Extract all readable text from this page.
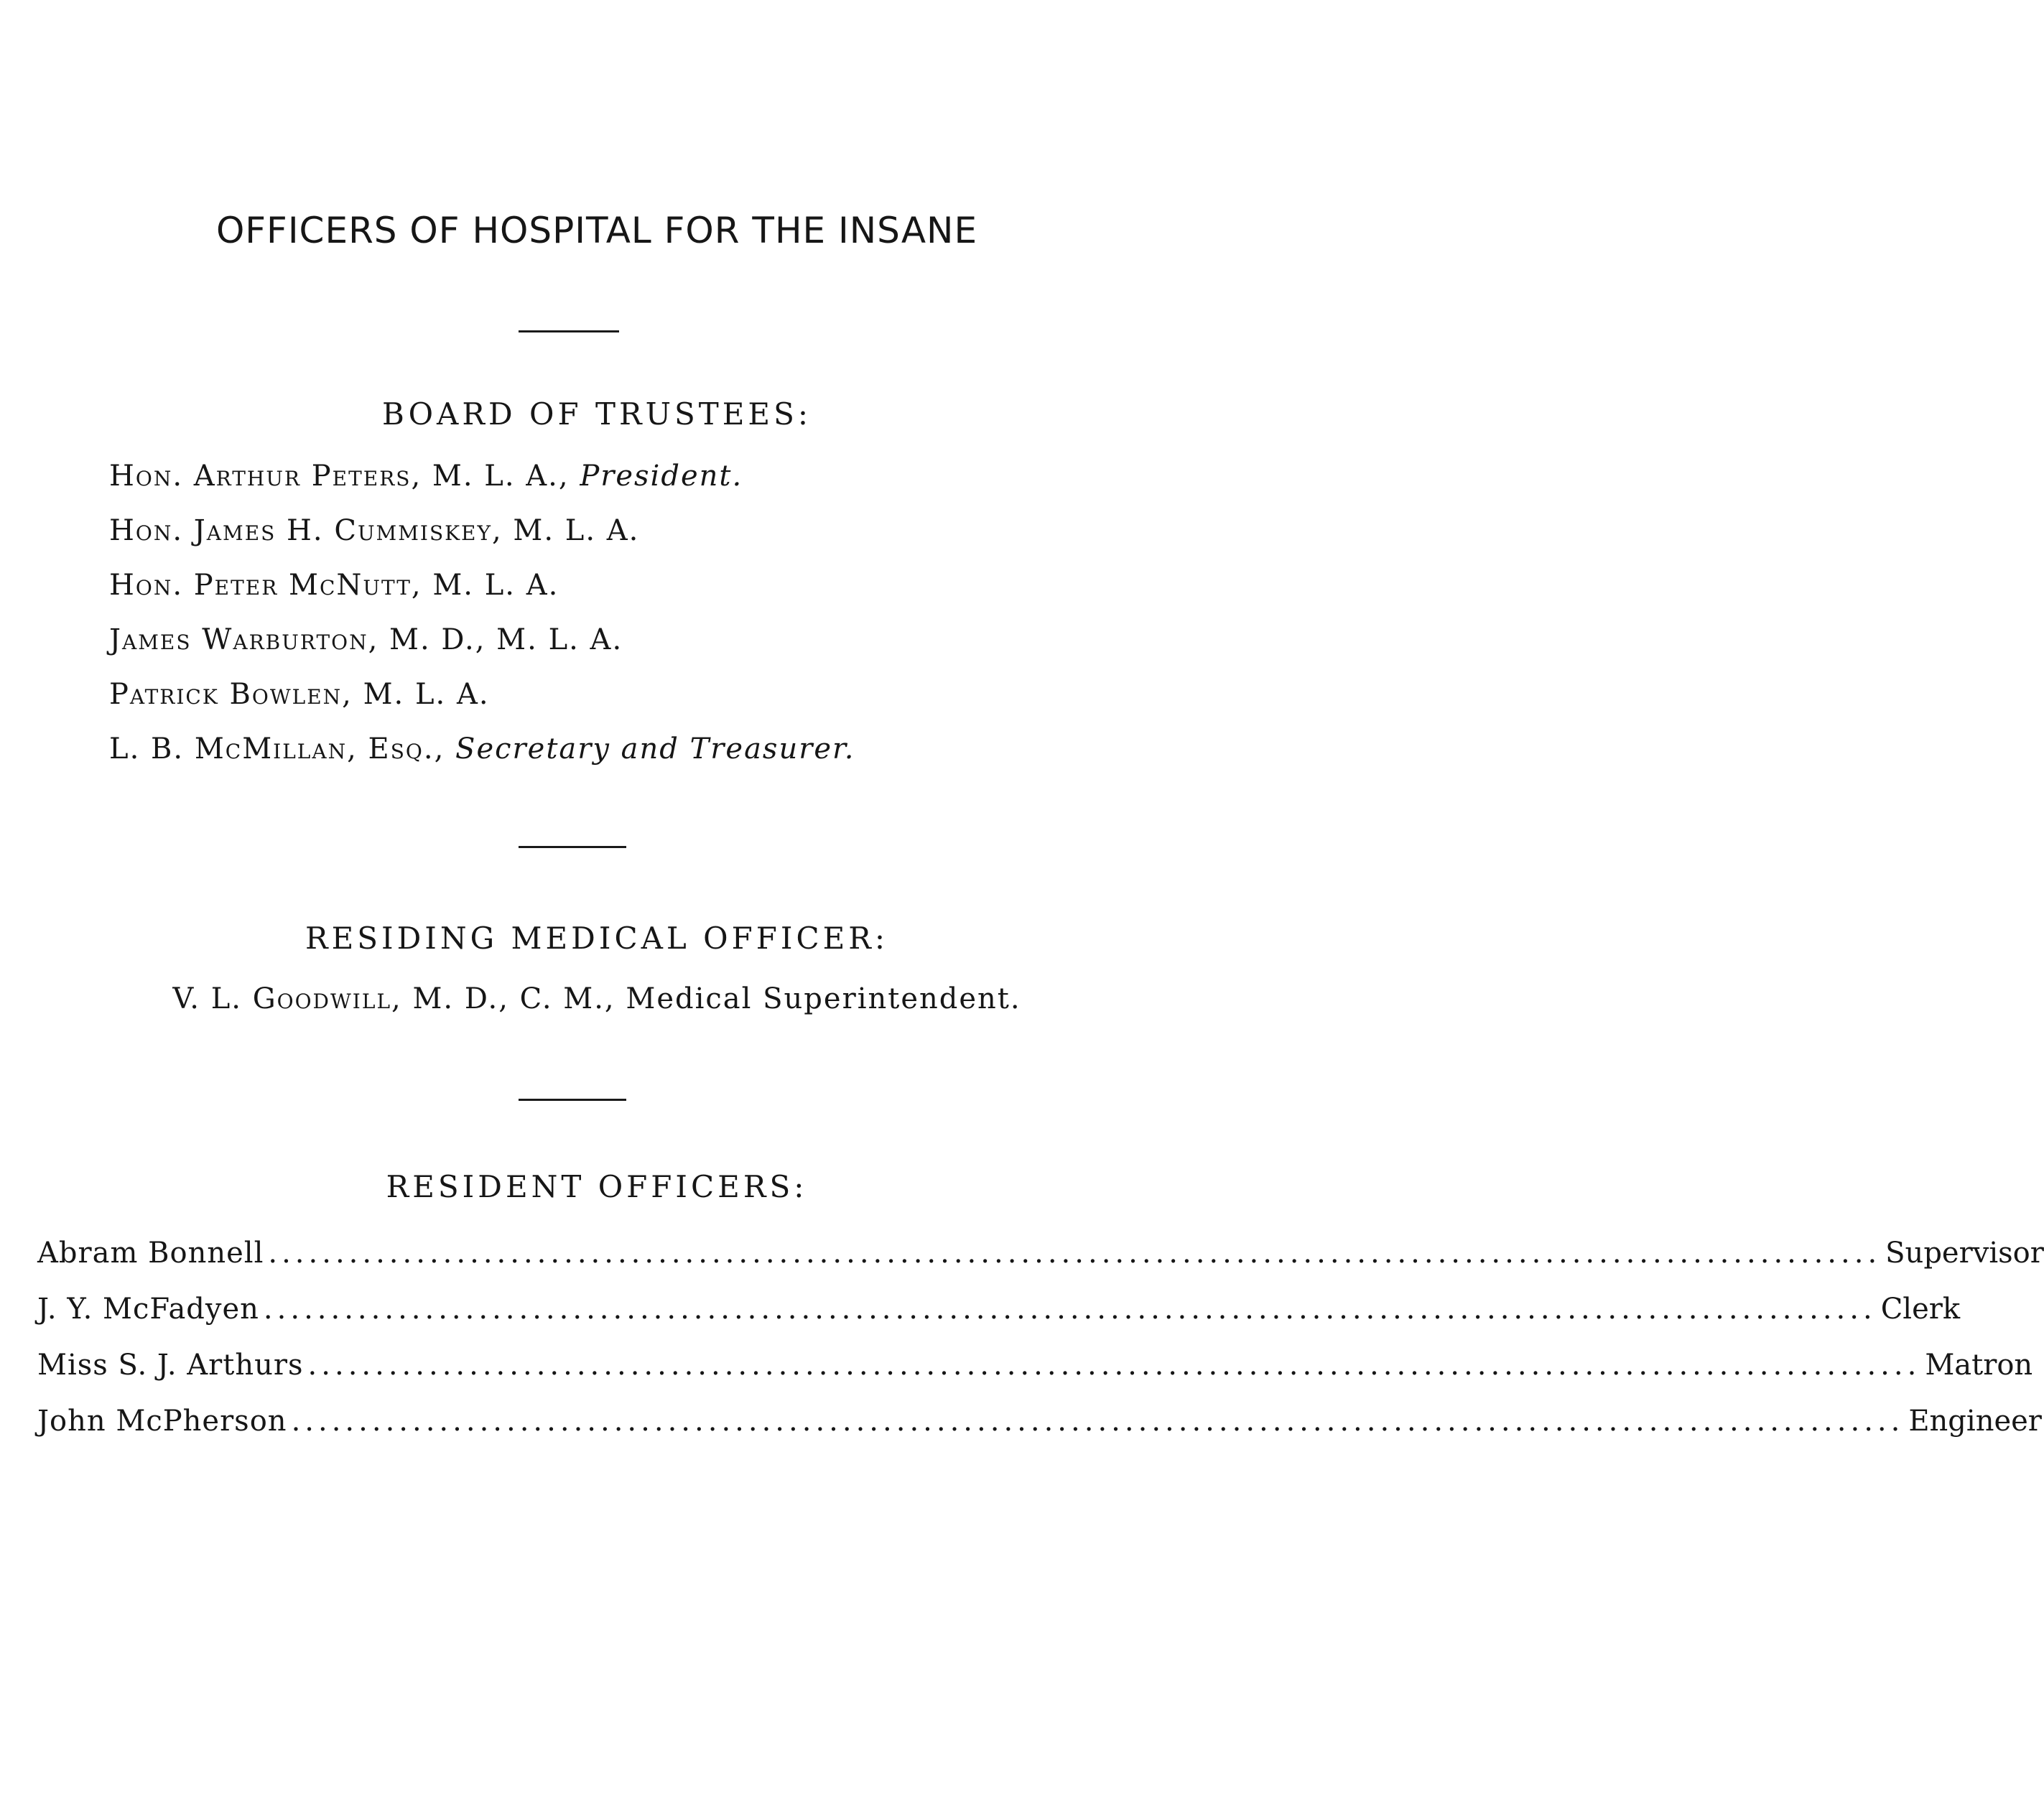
OFFICERS OF HOSPITAL FOR THE INSANE
BOARD OF TRUSTEES:
Hon. Arthur Peters, M. L. A., President.
Hon. James H. Cummiskey, M. L. A.
Hon. Peter McNutt, M. L. A.
James Warburton, M. D., M. L. A.
Patrick Bowlen, M. L. A.
L. B. McMillan, Esq., Secretary and Treasurer.
RESIDING MEDICAL OFFICER:
V. L. Goodwill, M. D., C. M., Medical Superintendent.
RESIDENT OFFICERS:
Abram Bonnell ........................................................................................................................ Supervisor
J. Y. McFadyen ........................................................................................................................ Clerk
Miss S. J. Arthurs ........................................................................................................................ Matron
John McPherson ........................................................................................................................ Engineer
